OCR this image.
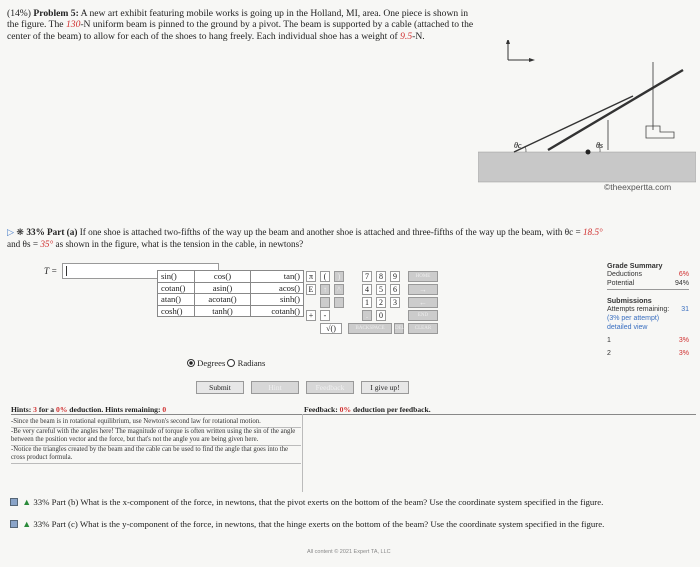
(14%) Problem 5: A new art exhibit featuring mobile works is going up in the Holland, MI, area. One piece is shown in the figure. The 130-N uniform beam is pinned to the ground by a pivot. The beam is supported by a cable (attached to the center of the beam) to allow for each of the shoes to hang freely. Each individual shoe has a weight of 9.5-N.
θc	θs
©theexpertta.com
▷ ❋ 33% Part (a) If one shoe is attached two-fifths of the way up the beam and another shoe is attached and three-fifths of the way up the beam, with θc = 18.5°
and θs = 35° as shown in the figure, what is the tension in the cable, in newtons?
T =
Grade Summary
Deductions	6%
Potential	94%
Submissions
Attempts remaining: 31
(3% per attempt)
detailed view
1	3%
2	3%
sin()	cos()	tan()
cotan()	asin()	acos()
atan()	acotan()	sinh()
cosh()	tanh()	cotanh()
Degrees Radians
π	(	)
E	↑	^
+	-
√()
7	8	9
4	5	6
1	2	3
0
.
BACKSPACE	DEL
HOME
→
←
END
CLEAR
Submit	Hint	Feedback	I give up!
Hints: 3 for a 0% deduction. Hints remaining: 0	Feedback: 0% deduction per feedback.

-Since the beam is in rotational equilibrium, use Newton's second law for rotational motion.

-Be very careful with the angles here! The magnitude of torque is often written using the sin of the angle between the position vector and the force, but that's not the angle you are being given here.

-Notice the triangles created by the beam and the cable can be used to find the angle that goes into the cross product formula.

▲ 33% Part (b) What is the x-component of the force, in newtons, that the pivot exerts on the bottom of the beam? Use the coordinate system specified in the figure.
▲ 33% Part (c) What is the y-component of the force, in newtons, that the hinge exerts on the bottom of the beam? Use the coordinate system specified in the figure.
All content © 2021 Expert TA, LLC
